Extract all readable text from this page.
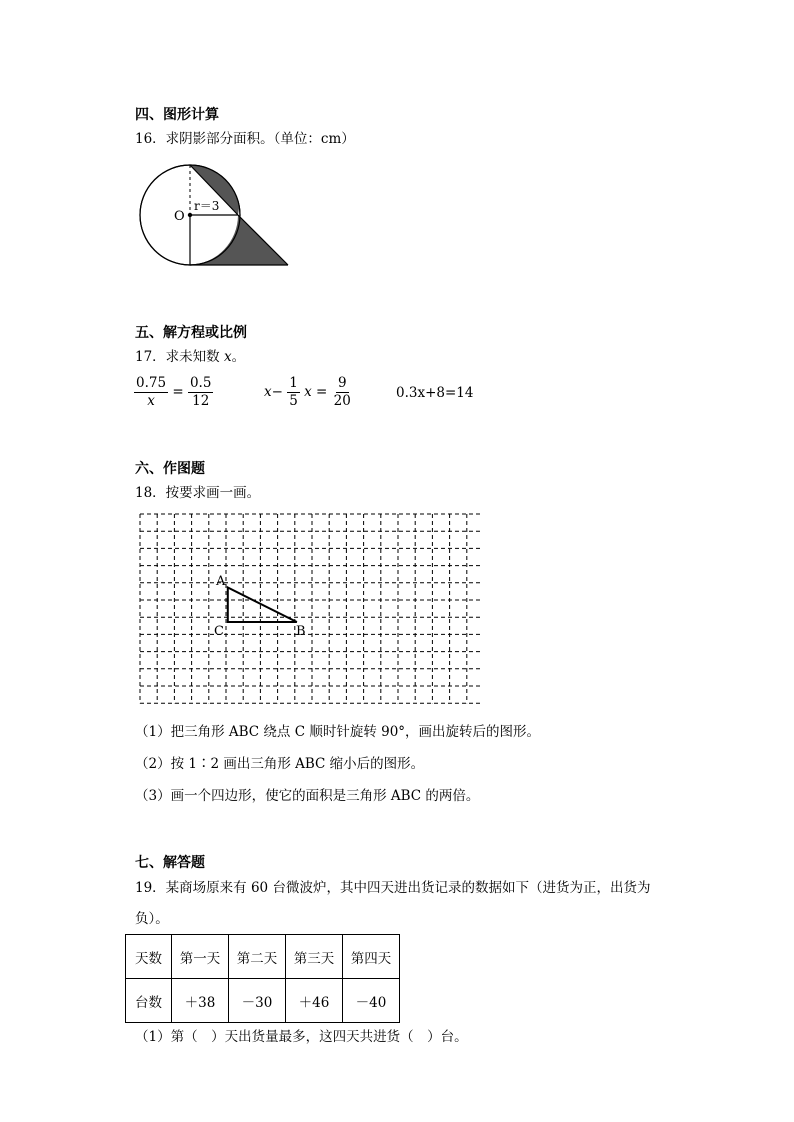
四、图形计算
16．求阴影部分面积。（单位：cm）
O
r＝3
五、解方程或比例
17．求未知数 x。
$\frac{0.75}{x} = \frac{0.5}{12}$	$x- \frac{1}{5}$ $x = \frac{9}{20}$	0.3x+8=14
六、作图题
18．按要求画一画。
A
C	B
（1）把三角形 ABC 绕点 C 顺时针旋转 90°，画出旋转后的图形。
（2）按 1∶2 画出三角形 ABC 缩小后的图形。
（3）画一个四边形，使它的面积是三角形 ABC 的两倍。
七、解答题
19．某商场原来有 60 台微波炉，其中四天进出货记录的数据如下（进货为正，出货为
负）。
天数	第一天	第二天	第三天	第四天
台数	＋38	－30	＋46	－40
（1）第（　）天出货量最多，这四天共进货（　）台。
